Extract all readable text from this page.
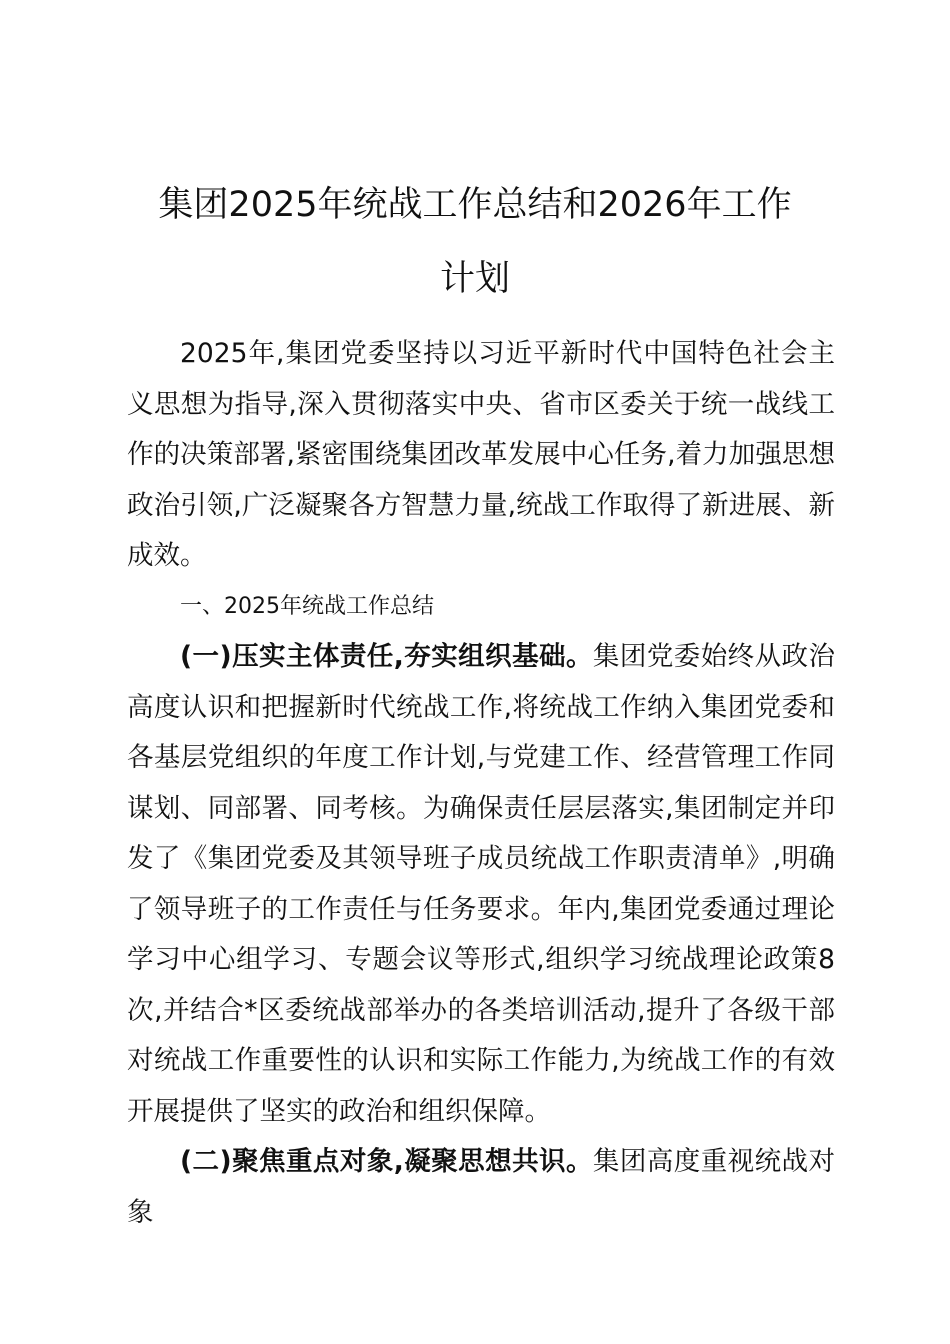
集团2025年统战工作总结和2026年工作
计划

2025年,集团党委坚持以习近平新时代中国特色社会主义思想为指导,深入贯彻落实中央、省市区委关于统一战线工作的决策部署,紧密围绕集团改革发展中心任务,着力加强思想政治引领,广泛凝聚各方智慧力量,统战工作取得了新进展、新成效。

一、2025年统战工作总结

(一)压实主体责任,夯实组织基础。集团党委始终从政治高度认识和把握新时代统战工作,将统战工作纳入集团党委和各基层党组织的年度工作计划,与党建工作、经营管理工作同谋划、同部署、同考核。为确保责任层层落实,集团制定并印发了《集团党委及其领导班子成员统战工作职责清单》,明确了领导班子的工作责任与任务要求。年内,集团党委通过理论学习中心组学习、专题会议等形式,组织学习统战理论政策8次,并结合*区委统战部举办的各类培训活动,提升了各级干部对统战工作重要性的认识和实际工作能力,为统战工作的有效开展提供了坚实的政治和组织保障。

(二)聚焦重点对象,凝聚思想共识。集团高度重视统战对象
